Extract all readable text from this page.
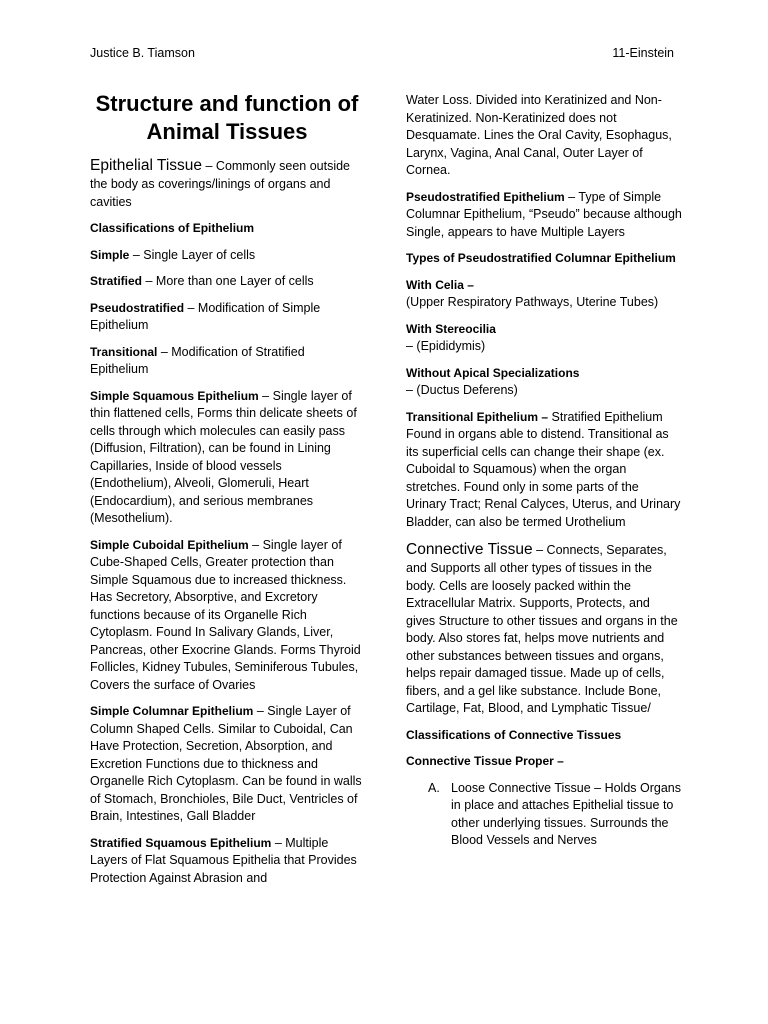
Justice B. Tiamson	11-Einstein
Structure and function of Animal Tissues

Epithelial Tissue – Commonly seen outside the body as coverings/linings of organs and cavities

Classifications of Epithelium

Simple – Single Layer of cells

Stratified – More than one Layer of cells

Pseudostratified – Modification of Simple Epithelium

Transitional – Modification of Stratified Epithelium

Simple Squamous Epithelium – Single layer of thin flattened cells, Forms thin delicate sheets of cells through which molecules can easily pass (Diffusion, Filtration), can be found in Lining Capillaries, Inside of blood vessels (Endothelium), Alveoli, Glomeruli, Heart (Endocardium), and serious membranes (Mesothelium).

Simple Cuboidal Epithelium – Single layer of Cube-Shaped Cells, Greater protection than Simple Squamous due to increased thickness. Has Secretory, Absorptive, and Excretory functions because of its Organelle Rich Cytoplasm. Found In Salivary Glands, Liver, Pancreas, other Exocrine Glands. Forms Thyroid Follicles, Kidney Tubules, Seminiferous Tubules, Covers the surface of Ovaries

Simple Columnar Epithelium – Single Layer of Column Shaped Cells. Similar to Cuboidal, Can Have Protection, Secretion, Absorption, and Excretion Functions due to thickness and Organelle Rich Cytoplasm. Can be found in walls of Stomach, Bronchioles, Bile Duct, Ventricles of Brain, Intestines, Gall Bladder

Stratified Squamous Epithelium – Multiple Layers of Flat Squamous Epithelia that Provides Protection Against Abrasion and

Water Loss. Divided into Keratinized and Non-Keratinized. Non-Keratinized does not Desquamate. Lines the Oral Cavity, Esophagus, Larynx, Vagina, Anal Canal, Outer Layer of Cornea.

Pseudostratified Epithelium – Type of Simple Columnar Epithelium, “Pseudo” because although Single, appears to have Multiple Layers

Types of Pseudostratified Columnar Epithelium

With Celia –
(Upper Respiratory Pathways, Uterine Tubes)

With Stereocilia
– (Epididymis)

Without Apical Specializations
– (Ductus Deferens)

Transitional Epithelium – Stratified Epithelium Found in organs able to distend. Transitional as its superficial cells can change their shape (ex. Cuboidal to Squamous) when the organ stretches. Found only in some parts of the Urinary Tract; Renal Calyces, Uterus, and Urinary Bladder, can also be termed Urothelium

Connective Tissue – Connects, Separates, and Supports all other types of tissues in the body. Cells are loosely packed within the Extracellular Matrix. Supports, Protects, and gives Structure to other tissues and organs in the body. Also stores fat, helps move nutrients and other substances between tissues and organs, helps repair damaged tissue. Made up of cells, fibers, and a gel like substance. Include Bone, Cartilage, Fat, Blood, and Lymphatic Tissue/

Classifications of Connective Tissues

Connective Tissue Proper –

A. Loose Connective Tissue – Holds Organs in place and attaches Epithelial tissue to other underlying tissues. Surrounds the Blood Vessels and Nerves
